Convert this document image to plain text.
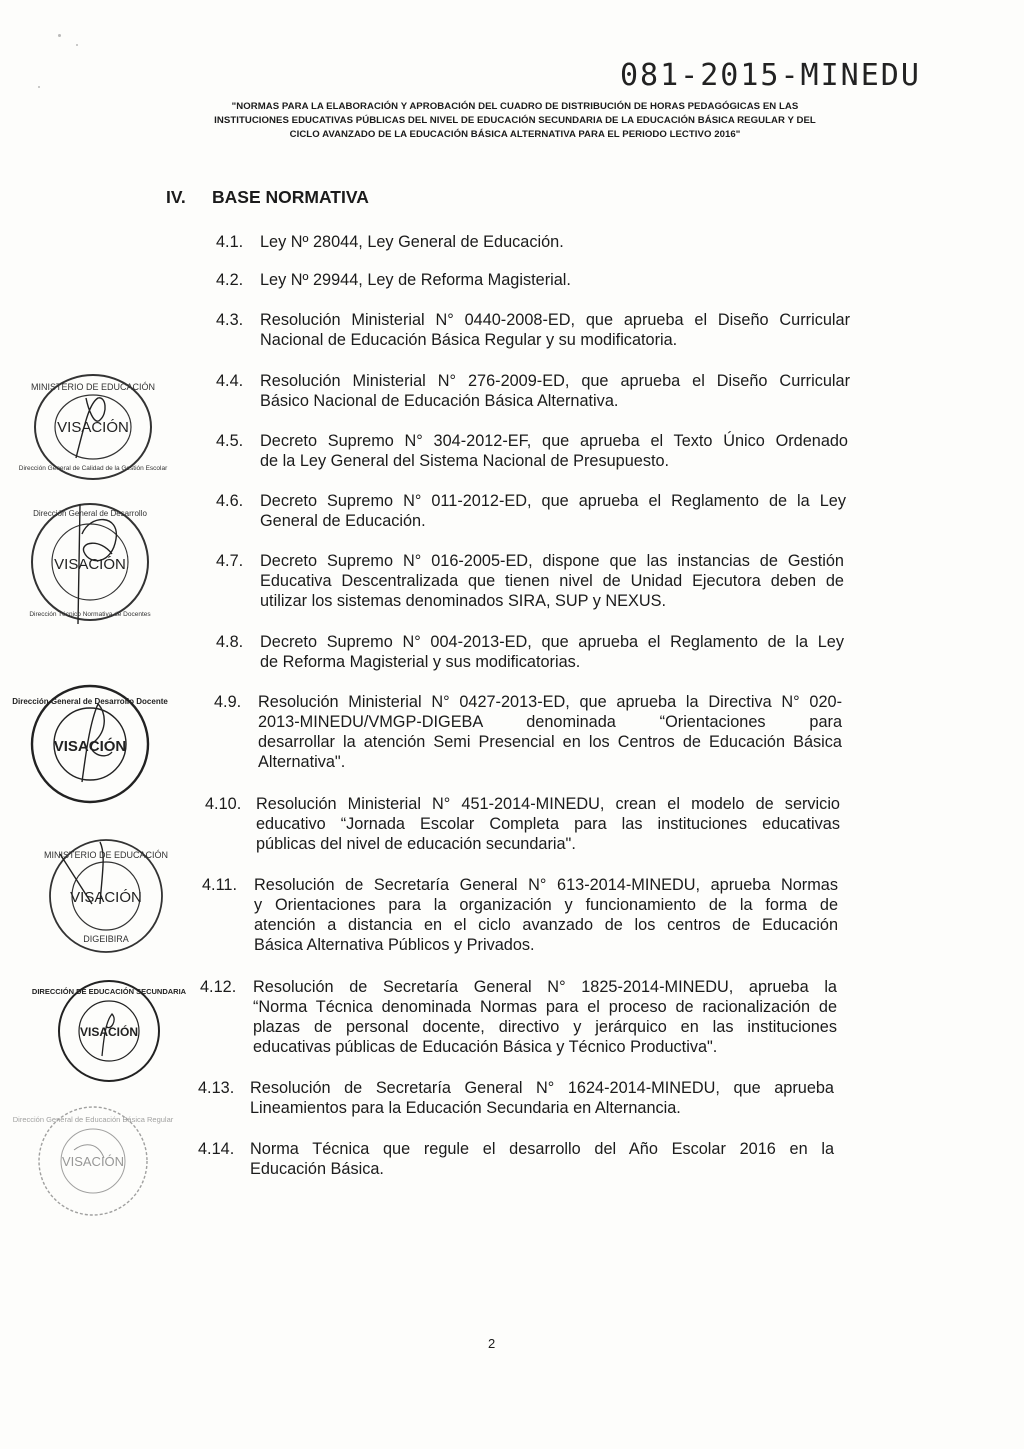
081-2015-MINEDU
"NORMAS PARA LA ELABORACIÓN Y APROBACIÓN DEL CUADRO DE DISTRIBUCIÓN DE HORAS PEDAGÓGICAS EN LAS
INSTITUCIONES EDUCATIVAS PÚBLICAS DEL NIVEL DE EDUCACIÓN SECUNDARIA DE LA EDUCACIÓN BÁSICA REGULAR Y DEL
CICLO AVANZADO DE LA EDUCACIÓN BÁSICA ALTERNATIVA PARA EL PERIODO LECTIVO 2016"
IV. BASE NORMATIVA
4.1. Ley Nº 28044, Ley General de Educación.
4.2. Ley Nº 29944, Ley de Reforma Magisterial.
4.3. Resolución Ministerial N° 0440-2008-ED, que aprueba el Diseño Curricular
Nacional de Educación Básica Regular y su modificatoria.
4.4. Resolución Ministerial N° 276-2009-ED, que aprueba el Diseño Curricular
Básico Nacional de Educación Básica Alternativa.
4.5. Decreto Supremo N° 304-2012-EF, que aprueba el Texto Único Ordenado
de la Ley General del Sistema Nacional de Presupuesto.
4.6. Decreto Supremo N° 011-2012-ED, que aprueba el Reglamento de la Ley
General de Educación.
4.7. Decreto Supremo N° 016-2005-ED, dispone que las instancias de Gestión
Educativa Descentralizada que tienen nivel de Unidad Ejecutora deben de
utilizar los sistemas denominados SIRA, SUP y NEXUS.
4.8. Decreto Supremo N° 004-2013-ED, que aprueba el Reglamento de la Ley
de Reforma Magisterial y sus modificatorias.
4.9. Resolución Ministerial N° 0427-2013-ED, que aprueba la Directiva N° 020-
2013-MINEDU/VMGP-DIGEBA denominada “Orientaciones para
desarrollar la atención Semi Presencial en los Centros de Educación Básica
Alternativa".
4.10. Resolución Ministerial N° 451-2014-MINEDU, crean el modelo de servicio
educativo “Jornada Escolar Completa para las instituciones educativas
públicas del nivel de educación secundaria".
4.11. Resolución de Secretaría General N° 613-2014-MINEDU, aprueba Normas
y Orientaciones para la organización y funcionamiento de la forma de
atención a distancia en el ciclo avanzado de los centros de Educación
Básica Alternativa Públicos y Privados.
4.12. Resolución de Secretaría General N° 1825-2014-MINEDU, aprueba la
“Norma Técnica denominada Normas para el proceso de racionalización de
plazas de personal docente, directivo y jerárquico en las instituciones
educativas públicas de Educación Básica y Técnico Productiva".
4.13. Resolución de Secretaría General N° 1624-2014-MINEDU, que aprueba
Lineamientos para la Educación Secundaria en Alternancia.
4.14. Norma Técnica que regule el desarrollo del Año Escolar 2016 en la
Educación Básica.
2
VISACIÓN
MINISTERIO DE EDUCACIÓN
Dirección General de Calidad de la Gestión Escolar
VISACIÓN
Dirección General de Desarrollo
Dirección Técnico Normativa de Docentes
VISACIÓN
Dirección General de Desarrollo Docente
VISACIÓN
MINISTERIO DE EDUCACIÓN
DIGEIBIRA
VISACIÓN
DIRECCIÓN DE EDUCACIÓN SECUNDARIA
VISACIÓN
Dirección General de Educación Básica Regular
